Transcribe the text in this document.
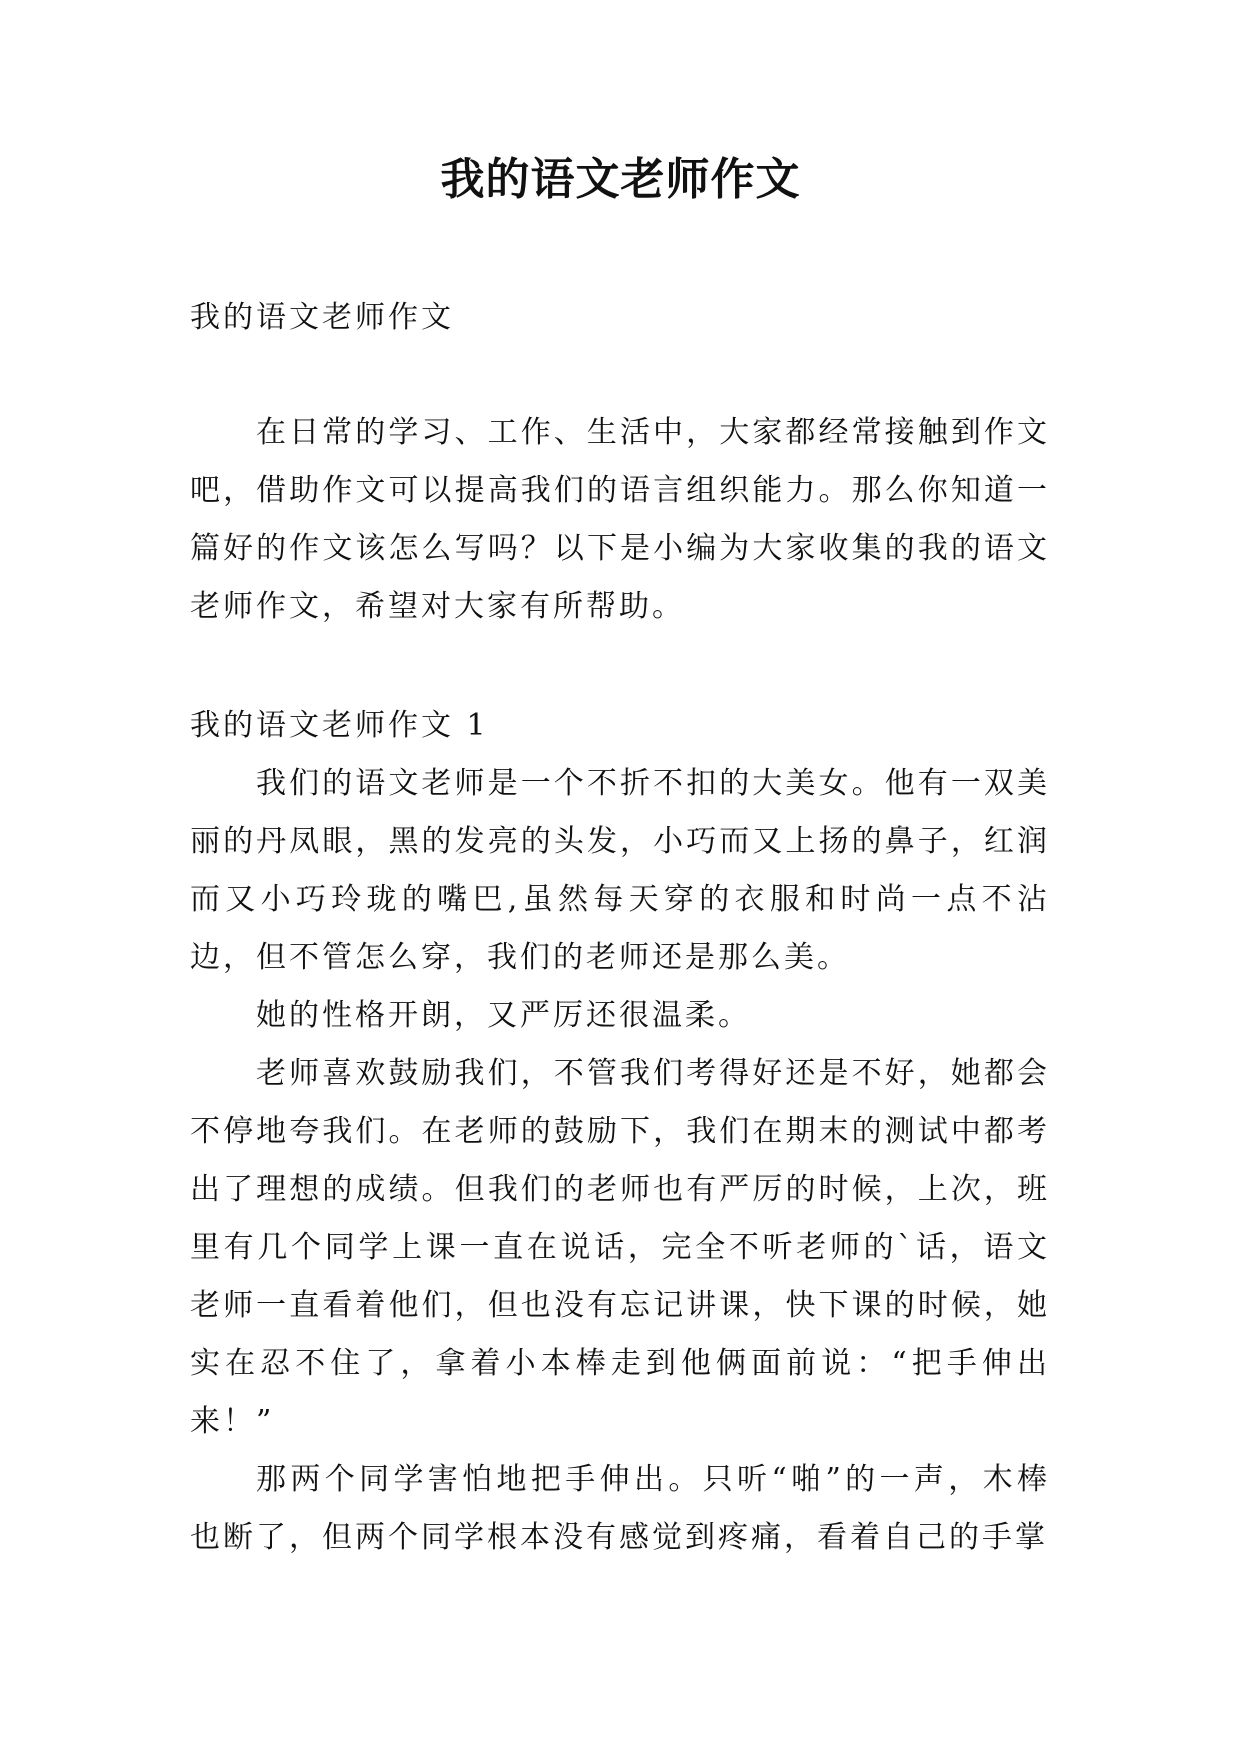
我的语文老师作文
我的语文老师作文

在日常的学习、工作、生活中，大家都经常接触到作文吧，借助作文可以提高我们的语言组织能力。那么你知道一篇好的作文该怎么写吗？以下是小编为大家收集的我的语文老师作文，希望对大家有所帮助。

我的语文老师作文 1

我们的语文老师是一个不折不扣的大美女。他有一双美丽的丹凤眼，黑的发亮的头发，小巧而又上扬的鼻子，红润而又小巧玲珑的嘴巴,虽然每天穿的衣服和时尚一点不沾边，但不管怎么穿，我们的老师还是那么美。

她的性格开朗，又严厉还很温柔。

老师喜欢鼓励我们，不管我们考得好还是不好，她都会不停地夸我们。在老师的鼓励下，我们在期末的测试中都考出了理想的成绩。但我们的老师也有严厉的时候，上次，班里有几个同学上课一直在说话，完全不听老师的`话，语文老师一直看着他们，但也没有忘记讲课，快下课的时候，她实在忍不住了，拿着小本棒走到他俩面前说：“把手伸出来！”

那两个同学害怕地把手伸出。只听“啪”的一声，木棒也断了，但两个同学根本没有感觉到疼痛，看着自己的手掌
